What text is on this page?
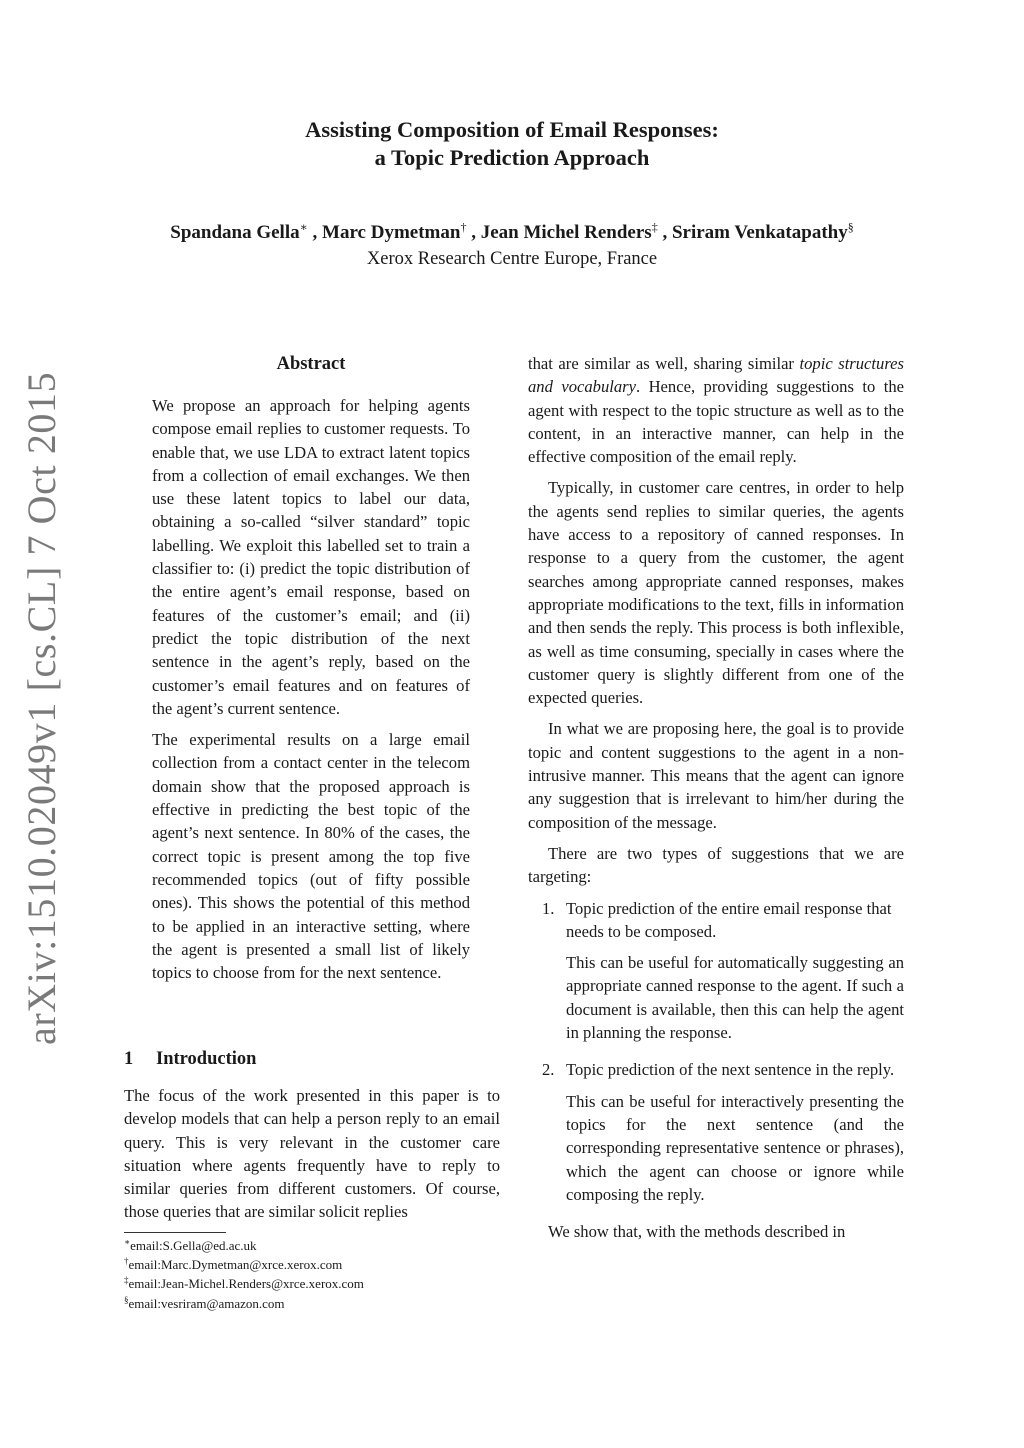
arXiv:1510.02049v1 [cs.CL] 7 Oct 2015
Assisting Composition of Email Responses:
a Topic Prediction Approach
Spandana Gella∗ , Marc Dymetman† , Jean Michel Renders‡ , Sriram Venkatapathy§
Xerox Research Centre Europe, France
Abstract

We propose an approach for helping agents compose email replies to customer requests. To enable that, we use LDA to extract latent topics from a collection of email exchanges. We then use these latent topics to label our data, obtaining a so-called “silver standard” topic labelling. We exploit this labelled set to train a classifier to: (i) predict the topic distribution of the entire agent’s email response, based on features of the customer’s email; and (ii) predict the topic distribution of the next sentence in the agent’s reply, based on the customer’s email features and on features of the agent’s current sentence.

The experimental results on a large email collection from a contact center in the telecom domain show that the proposed approach is effective in predicting the best topic of the agent’s next sentence. In 80% of the cases, the correct topic is present among the top five recommended topics (out of fifty possible ones). This shows the potential of this method to be applied in an interactive setting, where the agent is presented a small list of likely topics to choose from for the next sentence.

1 Introduction

The focus of the work presented in this paper is to develop models that can help a person reply to an email query. This is very relevant in the customer care situation where agents frequently have to reply to similar queries from different customers. Of course, those queries that are similar solicit replies

∗email:S.Gella@ed.ac.uk
†email:Marc.Dymetman@xrce.xerox.com
‡email:Jean-Michel.Renders@xrce.xerox.com
§email:vesriram@amazon.com

that are similar as well, sharing similar topic structures and vocabulary. Hence, providing suggestions to the agent with respect to the topic structure as well as to the content, in an interactive manner, can help in the effective composition of the email reply.

Typically, in customer care centres, in order to help the agents send replies to similar queries, the agents have access to a repository of canned responses. In response to a query from the customer, the agent searches among appropriate canned responses, makes appropriate modifications to the text, fills in information and then sends the reply. This process is both inflexible, as well as time consuming, specially in cases where the customer query is slightly different from one of the expected queries.

In what we are proposing here, the goal is to provide topic and content suggestions to the agent in a non-intrusive manner. This means that the agent can ignore any suggestion that is irrelevant to him/her during the composition of the message.

There are two types of suggestions that we are targeting:

1. Topic prediction of the entire email response that needs to be composed.

This can be useful for automatically suggesting an appropriate canned response to the agent. If such a document is available, then this can help the agent in planning the response.

2. Topic prediction of the next sentence in the reply.

This can be useful for interactively presenting the topics for the next sentence (and the corresponding representative sentence or phrases), which the agent can choose or ignore while composing the reply.

We show that, with the methods described in
